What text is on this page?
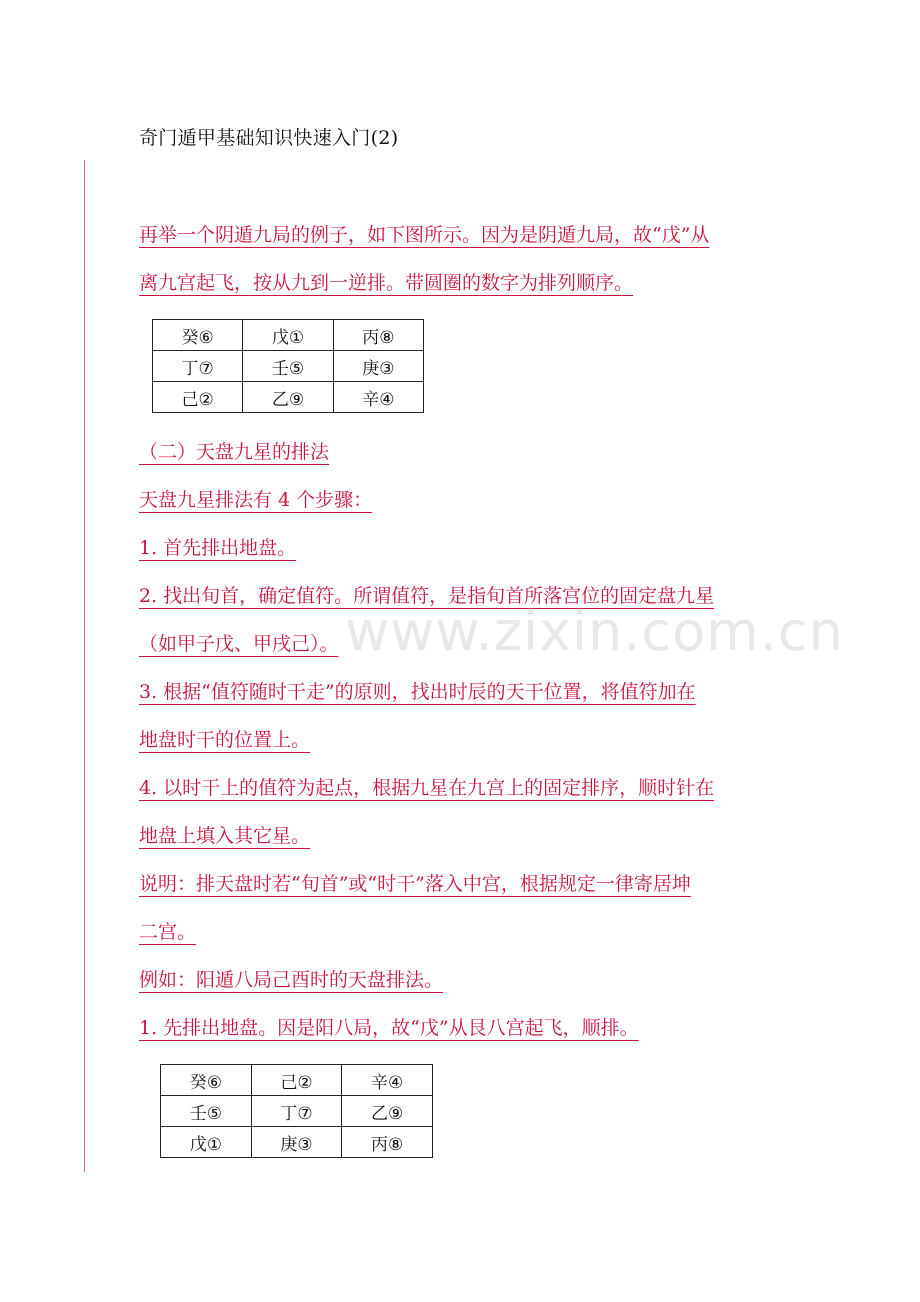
奇门遁甲基础知识快速入门(2)
再举一个阴遁九局的例子，如下图所示。因为是阴遁九局，故“戊”从
离九宫起飞，按从九到一逆排。带圆圈的数字为排列顺序。
癸⑥	戊①	丙⑧
丁⑦	壬⑤	庚③
己②	乙⑨	辛④
（二）天盘九星的排法
天盘九星排法有 4 个步骤：
1. 首先排出地盘。
2. 找出旬首，确定值符。所谓值符，是指旬首所落宫位的固定盘九星
（如甲子戊、甲戌己）。
3. 根据“值符随时干走”的原则，找出时辰的天干位置，将值符加在
地盘时干的位置上。
4. 以时干上的值符为起点，根据九星在九宫上的固定排序，顺时针在
地盘上填入其它星。
说明：排天盘时若“旬首”或“时干”落入中宫，根据规定一律寄居坤
二宫。
例如：阳遁八局己酉时的天盘排法。
1. 先排出地盘。因是阳八局，故“戊”从艮八宫起飞，顺排。
癸⑥	己②	辛④
壬⑤	丁⑦	乙⑨
戊①	庚③	丙⑧
www.zixin.com.cn
